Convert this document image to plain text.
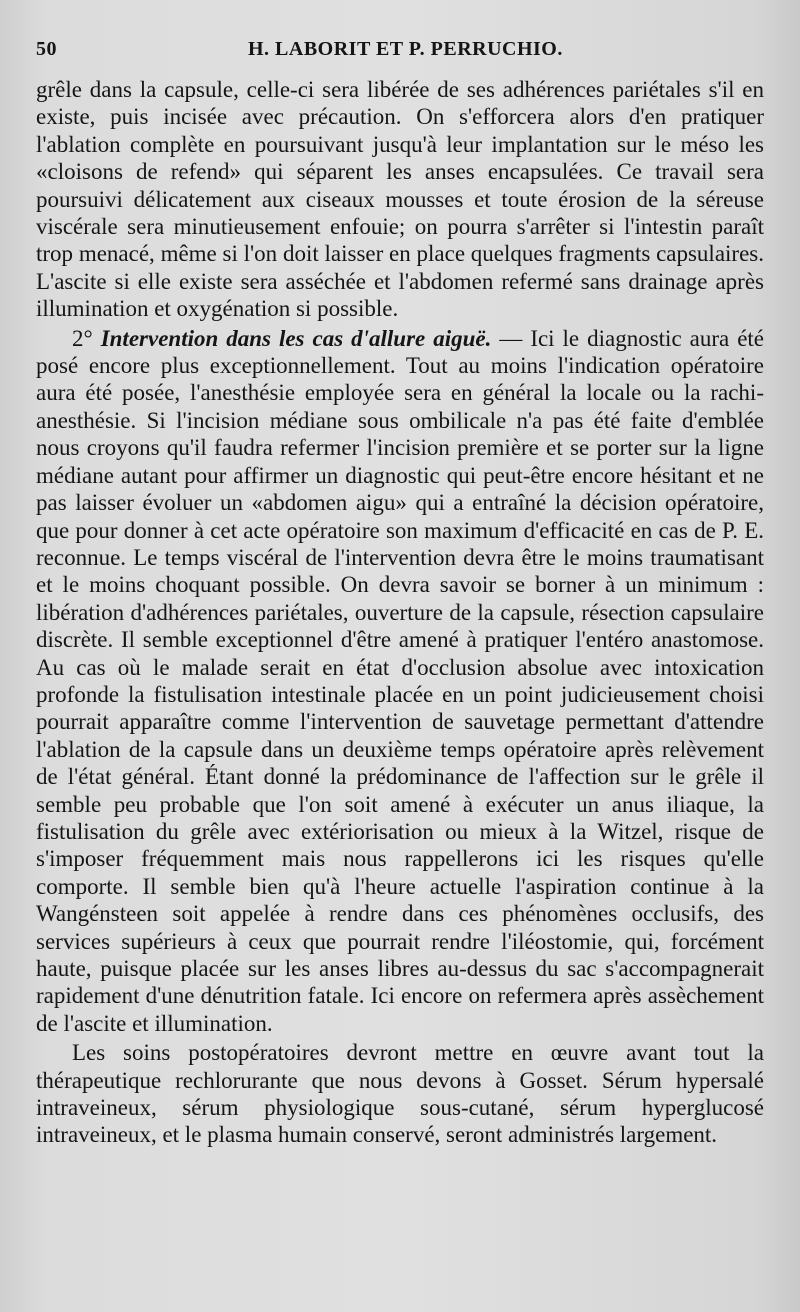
50	H. LABORIT ET P. PERRUCHIO.

grêle dans la capsule, celle-ci sera libérée de ses adhérences pariétales s'il en existe, puis incisée avec précaution. On s'efforcera alors d'en pratiquer l'ablation complète en poursuivant jusqu'à leur implantation sur le méso les «cloisons de refend» qui séparent les anses encapsulées. Ce travail sera poursuivi délicatement aux ciseaux mousses et toute érosion de la séreuse viscérale sera minutieusement enfouie; on pourra s'arrêter si l'intestin paraît trop menacé, même si l'on doit laisser en place quelques fragments capsulaires. L'ascite si elle existe sera asséchée et l'abdomen refermé sans drainage après illumination et oxygénation si possible.

2° Intervention dans les cas d'allure aiguë. — Ici le diagnostic aura été posé encore plus exceptionnellement. Tout au moins l'indication opératoire aura été posée, l'anesthésie employée sera en général la locale ou la rachi-anesthésie. Si l'incision médiane sous ombilicale n'a pas été faite d'emblée nous croyons qu'il faudra refermer l'incision première et se porter sur la ligne médiane autant pour affirmer un diagnostic qui peut-être encore hésitant et ne pas laisser évoluer un «abdomen aigu» qui a entraîné la décision opératoire, que pour donner à cet acte opératoire son maximum d'efficacité en cas de P. E. reconnue. Le temps viscéral de l'intervention devra être le moins traumatisant et le moins choquant possible. On devra savoir se borner à un minimum : libération d'adhérences pariétales, ouverture de la capsule, résection capsulaire discrète. Il semble exceptionnel d'être amené à pratiquer l'entéro anastomose. Au cas où le malade serait en état d'occlusion absolue avec intoxication profonde la fistulisation intestinale placée en un point judicieusement choisi pourrait apparaître comme l'intervention de sauvetage permettant d'attendre l'ablation de la capsule dans un deuxième temps opératoire après relèvement de l'état général. Étant donné la prédominance de l'affection sur le grêle il semble peu probable que l'on soit amené à exécuter un anus iliaque, la fistulisation du grêle avec extériorisation ou mieux à la Witzel, risque de s'imposer fréquemment mais nous rappellerons ici les risques qu'elle comporte. Il semble bien qu'à l'heure actuelle l'aspiration continue à la Wangénsteen soit appelée à rendre dans ces phénomènes occlusifs, des services supérieurs à ceux que pourrait rendre l'iléostomie, qui, forcément haute, puisque placée sur les anses libres au-dessus du sac s'accompagnerait rapidement d'une dénutrition fatale. Ici encore on refermera après assèchement de l'ascite et illumination.

Les soins postopératoires devront mettre en œuvre avant tout la thérapeutique rechlorurante que nous devons à Gosset. Sérum hypersalé intraveineux, sérum physiologique sous-cutané, sérum hyperglucosé intraveineux, et le plasma humain conservé, seront administrés largement.
